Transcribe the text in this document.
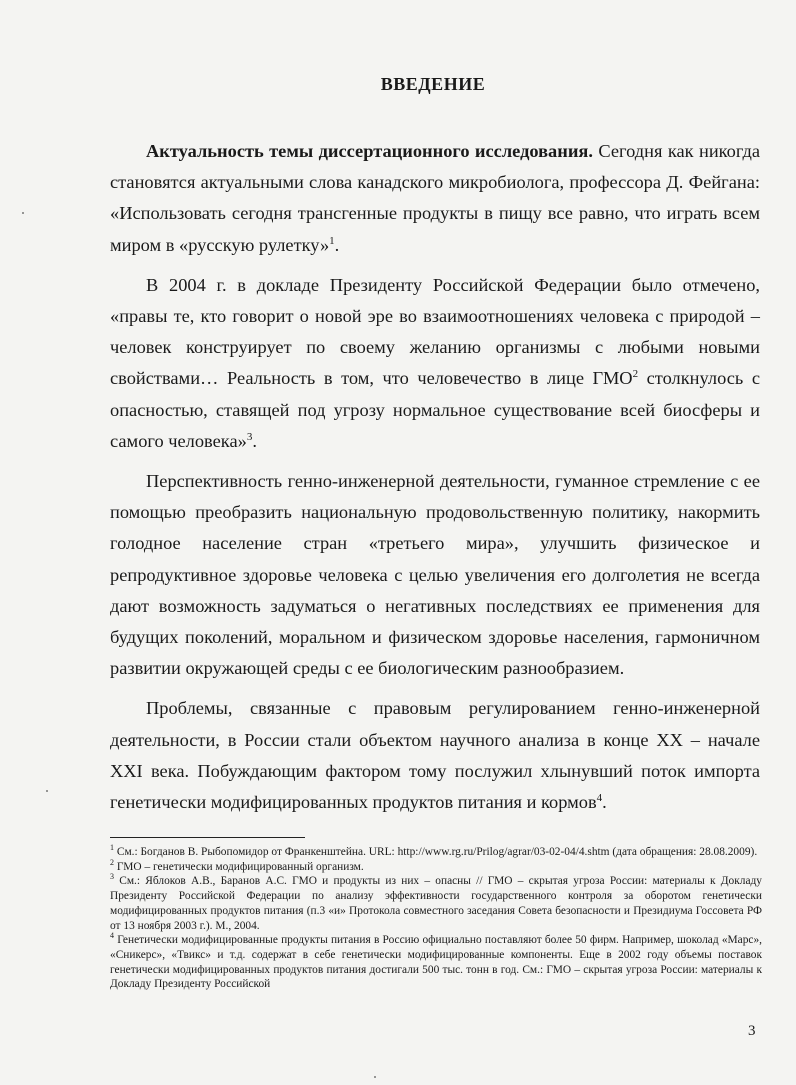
ВВЕДЕНИЕ

Актуальность темы диссертационного исследования. Сегодня как никогда становятся актуальными слова канадского микробиолога, профессора Д. Фейгана: «Использовать сегодня трансгенные продукты в пищу все равно, что играть всем миром в «русскую рулетку»$^1$.

В 2004 г. в докладе Президенту Российской Федерации было отмечено, «правы те, кто говорит о новой эре во взаимоотношениях человека с природой – человек конструирует по своему желанию организмы с любыми новыми свойствами… Реальность в том, что человечество в лице ГМО$^2$ столкнулось с опасностью, ставящей под угрозу нормальное существование всей биосферы и самого человека»$^3$.

Перспективность генно-инженерной деятельности, гуманное стремление с ее помощью преобразить национальную продовольственную политику, накормить голодное население стран «третьего мира», улучшить физическое и репродуктивное здоровье человека с целью увеличения его долголетия не всегда дают возможность задуматься о негативных последствиях ее применения для будущих поколений, моральном и физическом здоровье населения, гармоничном развитии окружающей среды с ее биологическим разнообразием.

Проблемы, связанные с правовым регулированием генно-инженерной деятельности, в России стали объектом научного анализа в конце XX – начале XXI века. Побуждающим фактором тому послужил хлынувший поток импорта генетически модифицированных продуктов питания и кормов$^4$.

$^1$ См.: Богданов В. Рыбопомидор от Франкенштейна. URL: http://www.rg.ru/Prilog/agrar/03-02-04/4.shtm (дата обращения: 28.08.2009).

$^2$ ГМО – генетически модифицированный организм.

$^3$ См.: Яблоков А.В., Баранов А.С. ГМО и продукты из них – опасны // ГМО – скрытая угроза России: материалы к Докладу Президенту Российской Федерации по анализу эффективности государственного контроля за оборотом генетически модифицированных продуктов питания (п.3 «и» Протокола совместного заседания Совета безопасности и Президиума Госсовета РФ от 13 ноября 2003 г.). М., 2004.

$^4$ Генетически модифицированные продукты питания в Россию официально поставляют более 50 фирм. Например, шоколад «Марс», «Сникерс», «Твикс» и т.д. содержат в себе генетически модифицированные компоненты. Еще в 2002 году объемы поставок генетически модифицированных продуктов питания достигали 500 тыс. тонн в год. См.: ГМО – скрытая угроза России: материалы к Докладу Президенту Российской

3
